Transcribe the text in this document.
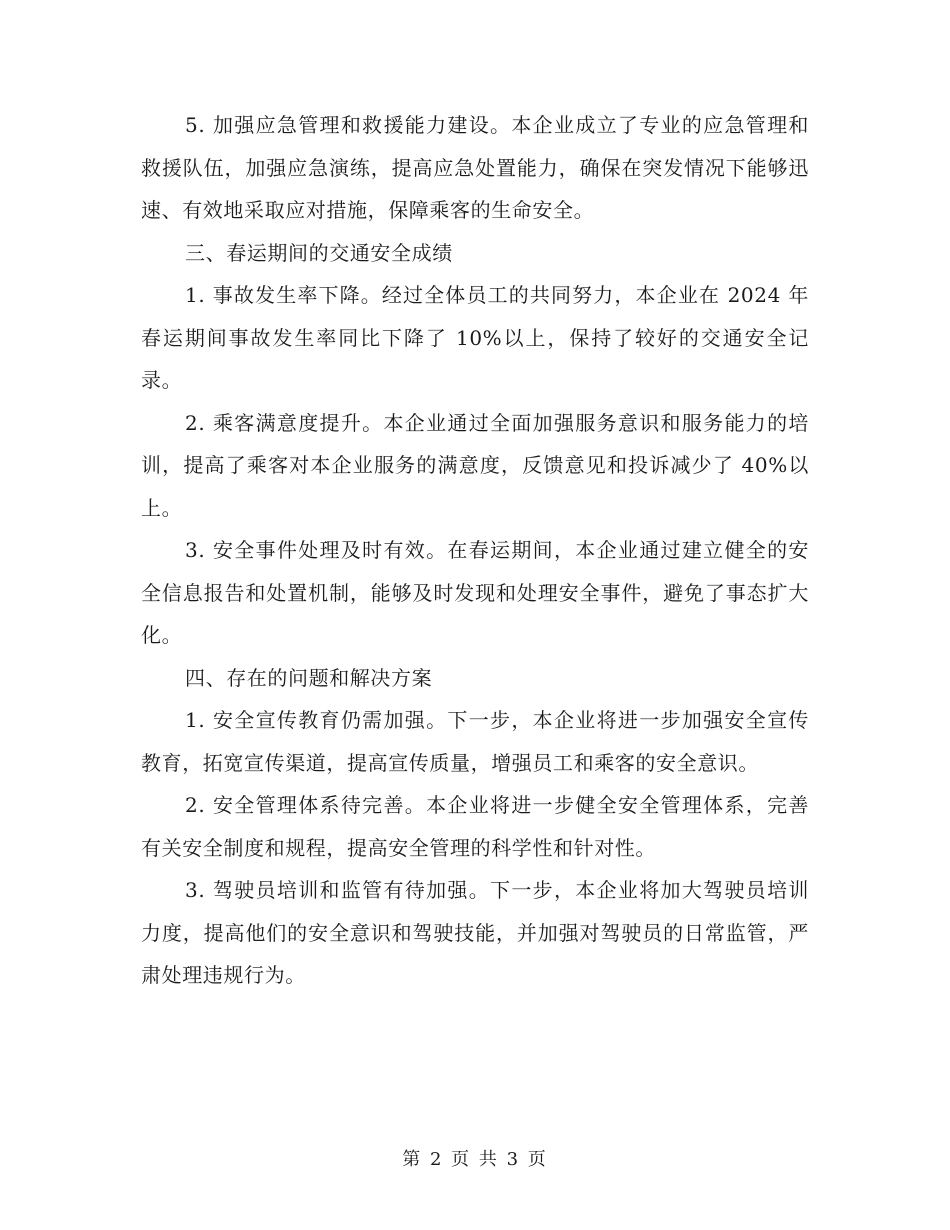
5. 加强应急管理和救援能力建设。本企业成立了专业的应急管理和救援队伍，加强应急演练，提高应急处置能力，确保在突发情况下能够迅速、有效地采取应对措施，保障乘客的生命安全。

三、春运期间的交通安全成绩

1. 事故发生率下降。经过全体员工的共同努力，本企业在 2024 年春运期间事故发生率同比下降了 10%以上，保持了较好的交通安全记录。

2. 乘客满意度提升。本企业通过全面加强服务意识和服务能力的培训，提高了乘客对本企业服务的满意度，反馈意见和投诉减少了 40%以上。

3. 安全事件处理及时有效。在春运期间，本企业通过建立健全的安全信息报告和处置机制，能够及时发现和处理安全事件，避免了事态扩大化。

四、存在的问题和解决方案

1. 安全宣传教育仍需加强。下一步，本企业将进一步加强安全宣传教育，拓宽宣传渠道，提高宣传质量，增强员工和乘客的安全意识。

2. 安全管理体系待完善。本企业将进一步健全安全管理体系，完善有关安全制度和规程，提高安全管理的科学性和针对性。

3. 驾驶员培训和监管有待加强。下一步，本企业将加大驾驶员培训力度，提高他们的安全意识和驾驶技能，并加强对驾驶员的日常监管，严肃处理违规行为。

第 2 页 共 3 页
